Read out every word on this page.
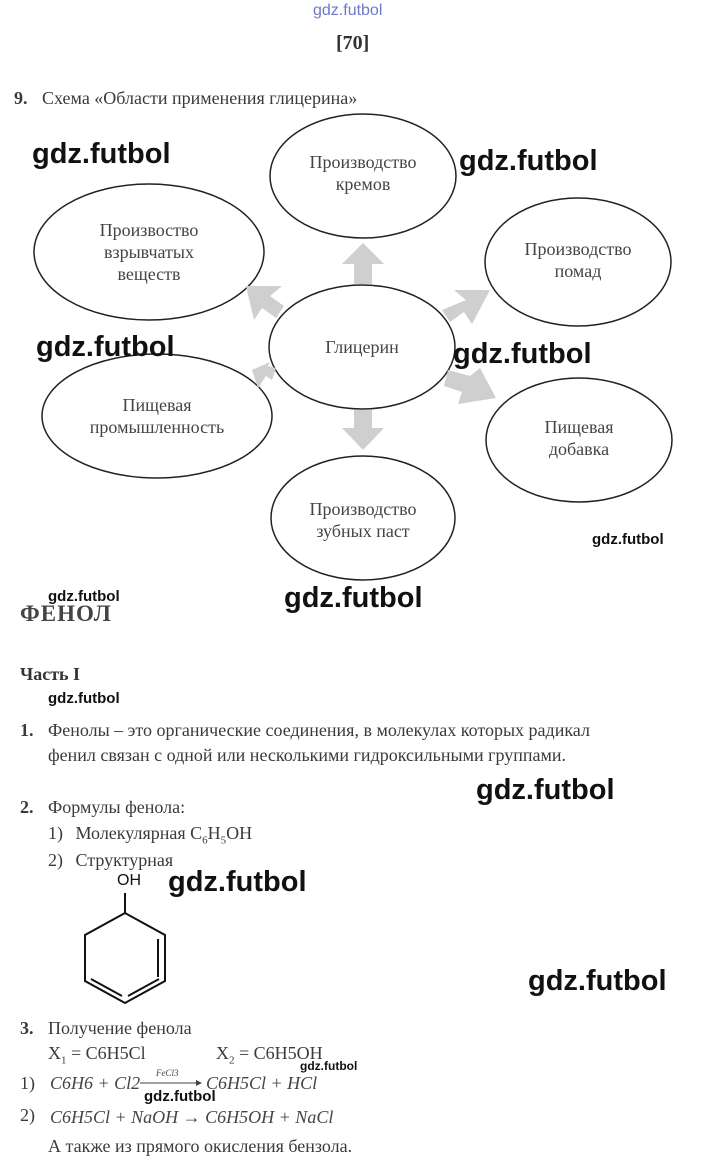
gdz.futbol
[70]
9. Схема «Области применения глицерина»
Производство
кремов
Произвоство
взрывчатых
веществ
Производство
помад
Глицерин
Пищевая
промышленность	Пищевая
добавка
Производство
зубных паст
ФЕНОЛ
Часть I
1. Фенолы – это органические соединения, в молекулах которых радикал
фенил связан с одной или несколькими гидроксильными группами.
2. Формулы фенола:
1) Молекулярная $C_6H_5OH$
2) Структурная
OH
3. Получение фенола
$X_1 = C6H5Cl$	$X_2 = C6H5OH$
1) C6H6 + Cl2 FeCl3 C6H5Cl + HCl
2) C6H5Cl + NaOH → C6H5OH + NaCl
А также из прямого окисления бензола.
gdz.futbol	gdz.futbol
gdz.futbol	gdz.futbol
gdz.futbol
gdz.futbol	gdz.futbol
gdz.futbol
gdz.futbol
gdz.futbol
gdz.futbol
gdz.futbol
gdz.futbol
